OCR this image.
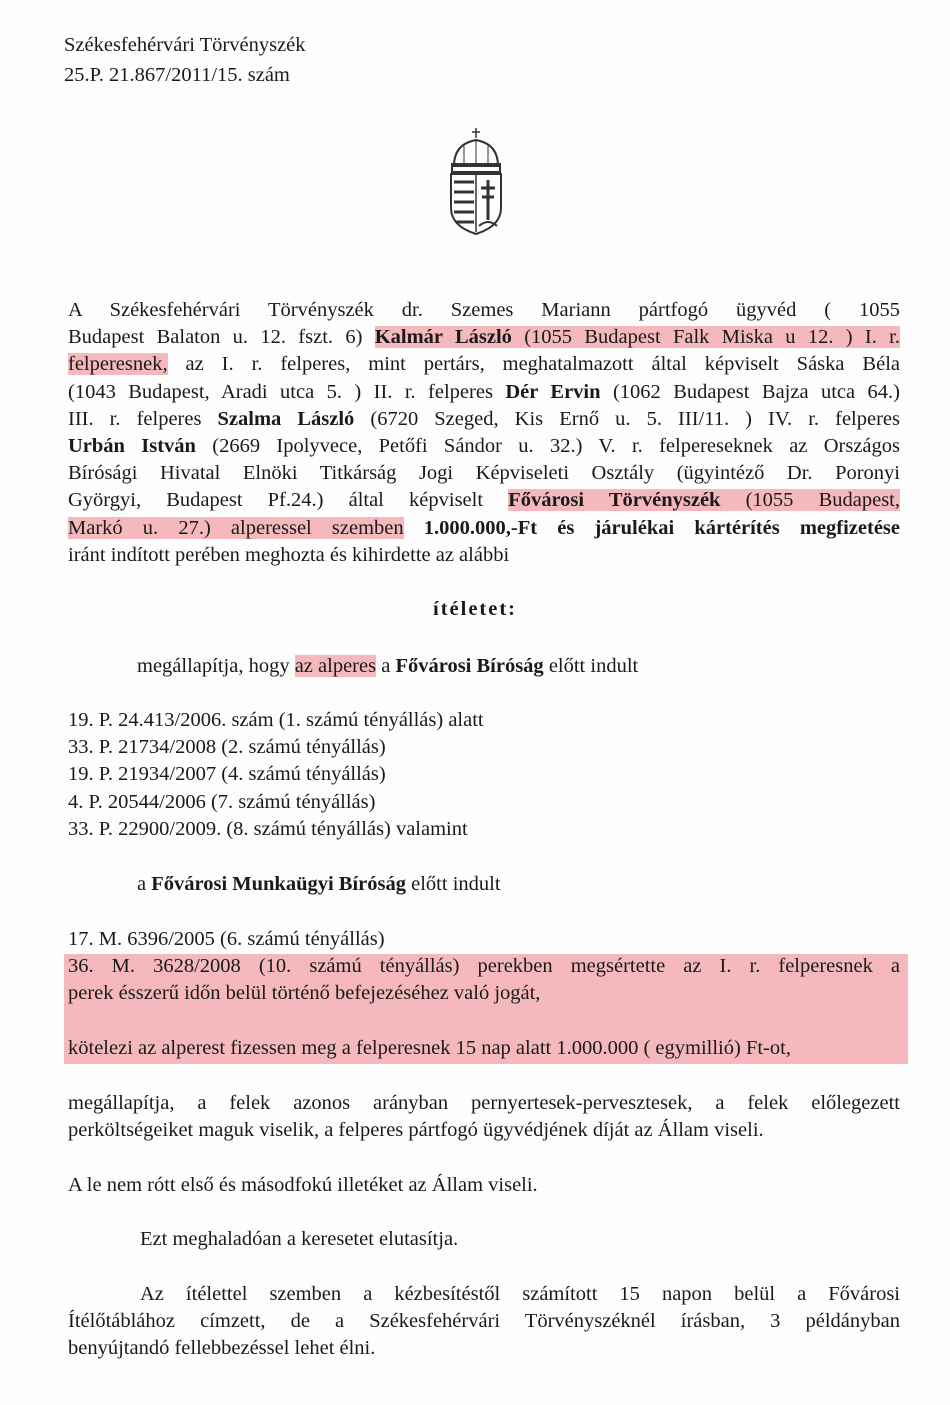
Székesfehérvári Törvényszék
25.P. 21.867/2011/15. szám
A Székesfehérvári Törvényszék dr. Szemes Mariann pártfogó ügyvéd ( 1055
Budapest Balaton u. 12. fszt. 6) Kalmár László (1055 Budapest Falk Miska u 12. ) I. r.
felperesnek, az I. r. felperes, mint pertárs, meghatalmazott által képviselt Sáska Béla
(1043 Budapest, Aradi utca 5. ) II. r. felperes Dér Ervin (1062 Budapest Bajza utca 64.)
III. r. felperes Szalma László (6720 Szeged, Kis Ernő u. 5. III/11. ) IV. r. felperes
Urbán István (2669 Ipolyvece, Petőfi Sándor u. 32.) V. r. felpereseknek az Országos
Bírósági Hivatal Elnöki Titkárság Jogi Képviseleti Osztály (ügyintéző Dr. Poronyi
Györgyi, Budapest Pf.24.) által képviselt Fővárosi Törvényszék (1055 Budapest,
Markó u. 27.) alperessel szemben 1.000.000,-Ft és járulékai kártérítés megfizetése
iránt indított perében meghozta és kihirdette az alábbi
ítéletet:
megállapítja, hogy az alperes a Fővárosi Bíróság előtt indult
19. P. 24.413/2006. szám (1. számú tényállás) alatt
33. P. 21734/2008 (2. számú tényállás)
19. P. 21934/2007 (4. számú tényállás)
4. P. 20544/2006 (7. számú tényállás)
33. P. 22900/2009. (8. számú tényállás) valamint
a Fővárosi Munkaügyi Bíróság előtt indult
17. M. 6396/2005 (6. számú tényállás)
36. M. 3628/2008 (10. számú tényállás) perekben megsértette az I. r. felperesnek a
perek ésszerű időn belül történő befejezéséhez való jogát,
kötelezi az alperest fizessen meg a felperesnek 15 nap alatt 1.000.000 ( egymillió) Ft-ot,
megállapítja, a felek azonos arányban pernyertesek-pervesztesek, a felek előlegezett
perköltségeiket maguk viselik, a felperes pártfogó ügyvédjének díját az Állam viseli.
A le nem rótt első és másodfokú illetéket az Állam viseli.
Ezt meghaladóan a keresetet elutasítja.
Az ítélettel szemben a kézbesítéstől számított 15 napon belül a Fővárosi
Ítélőtáblához címzett, de a Székesfehérvári Törvényszéknél írásban, 3 példányban
benyújtandó fellebbezéssel lehet élni.
